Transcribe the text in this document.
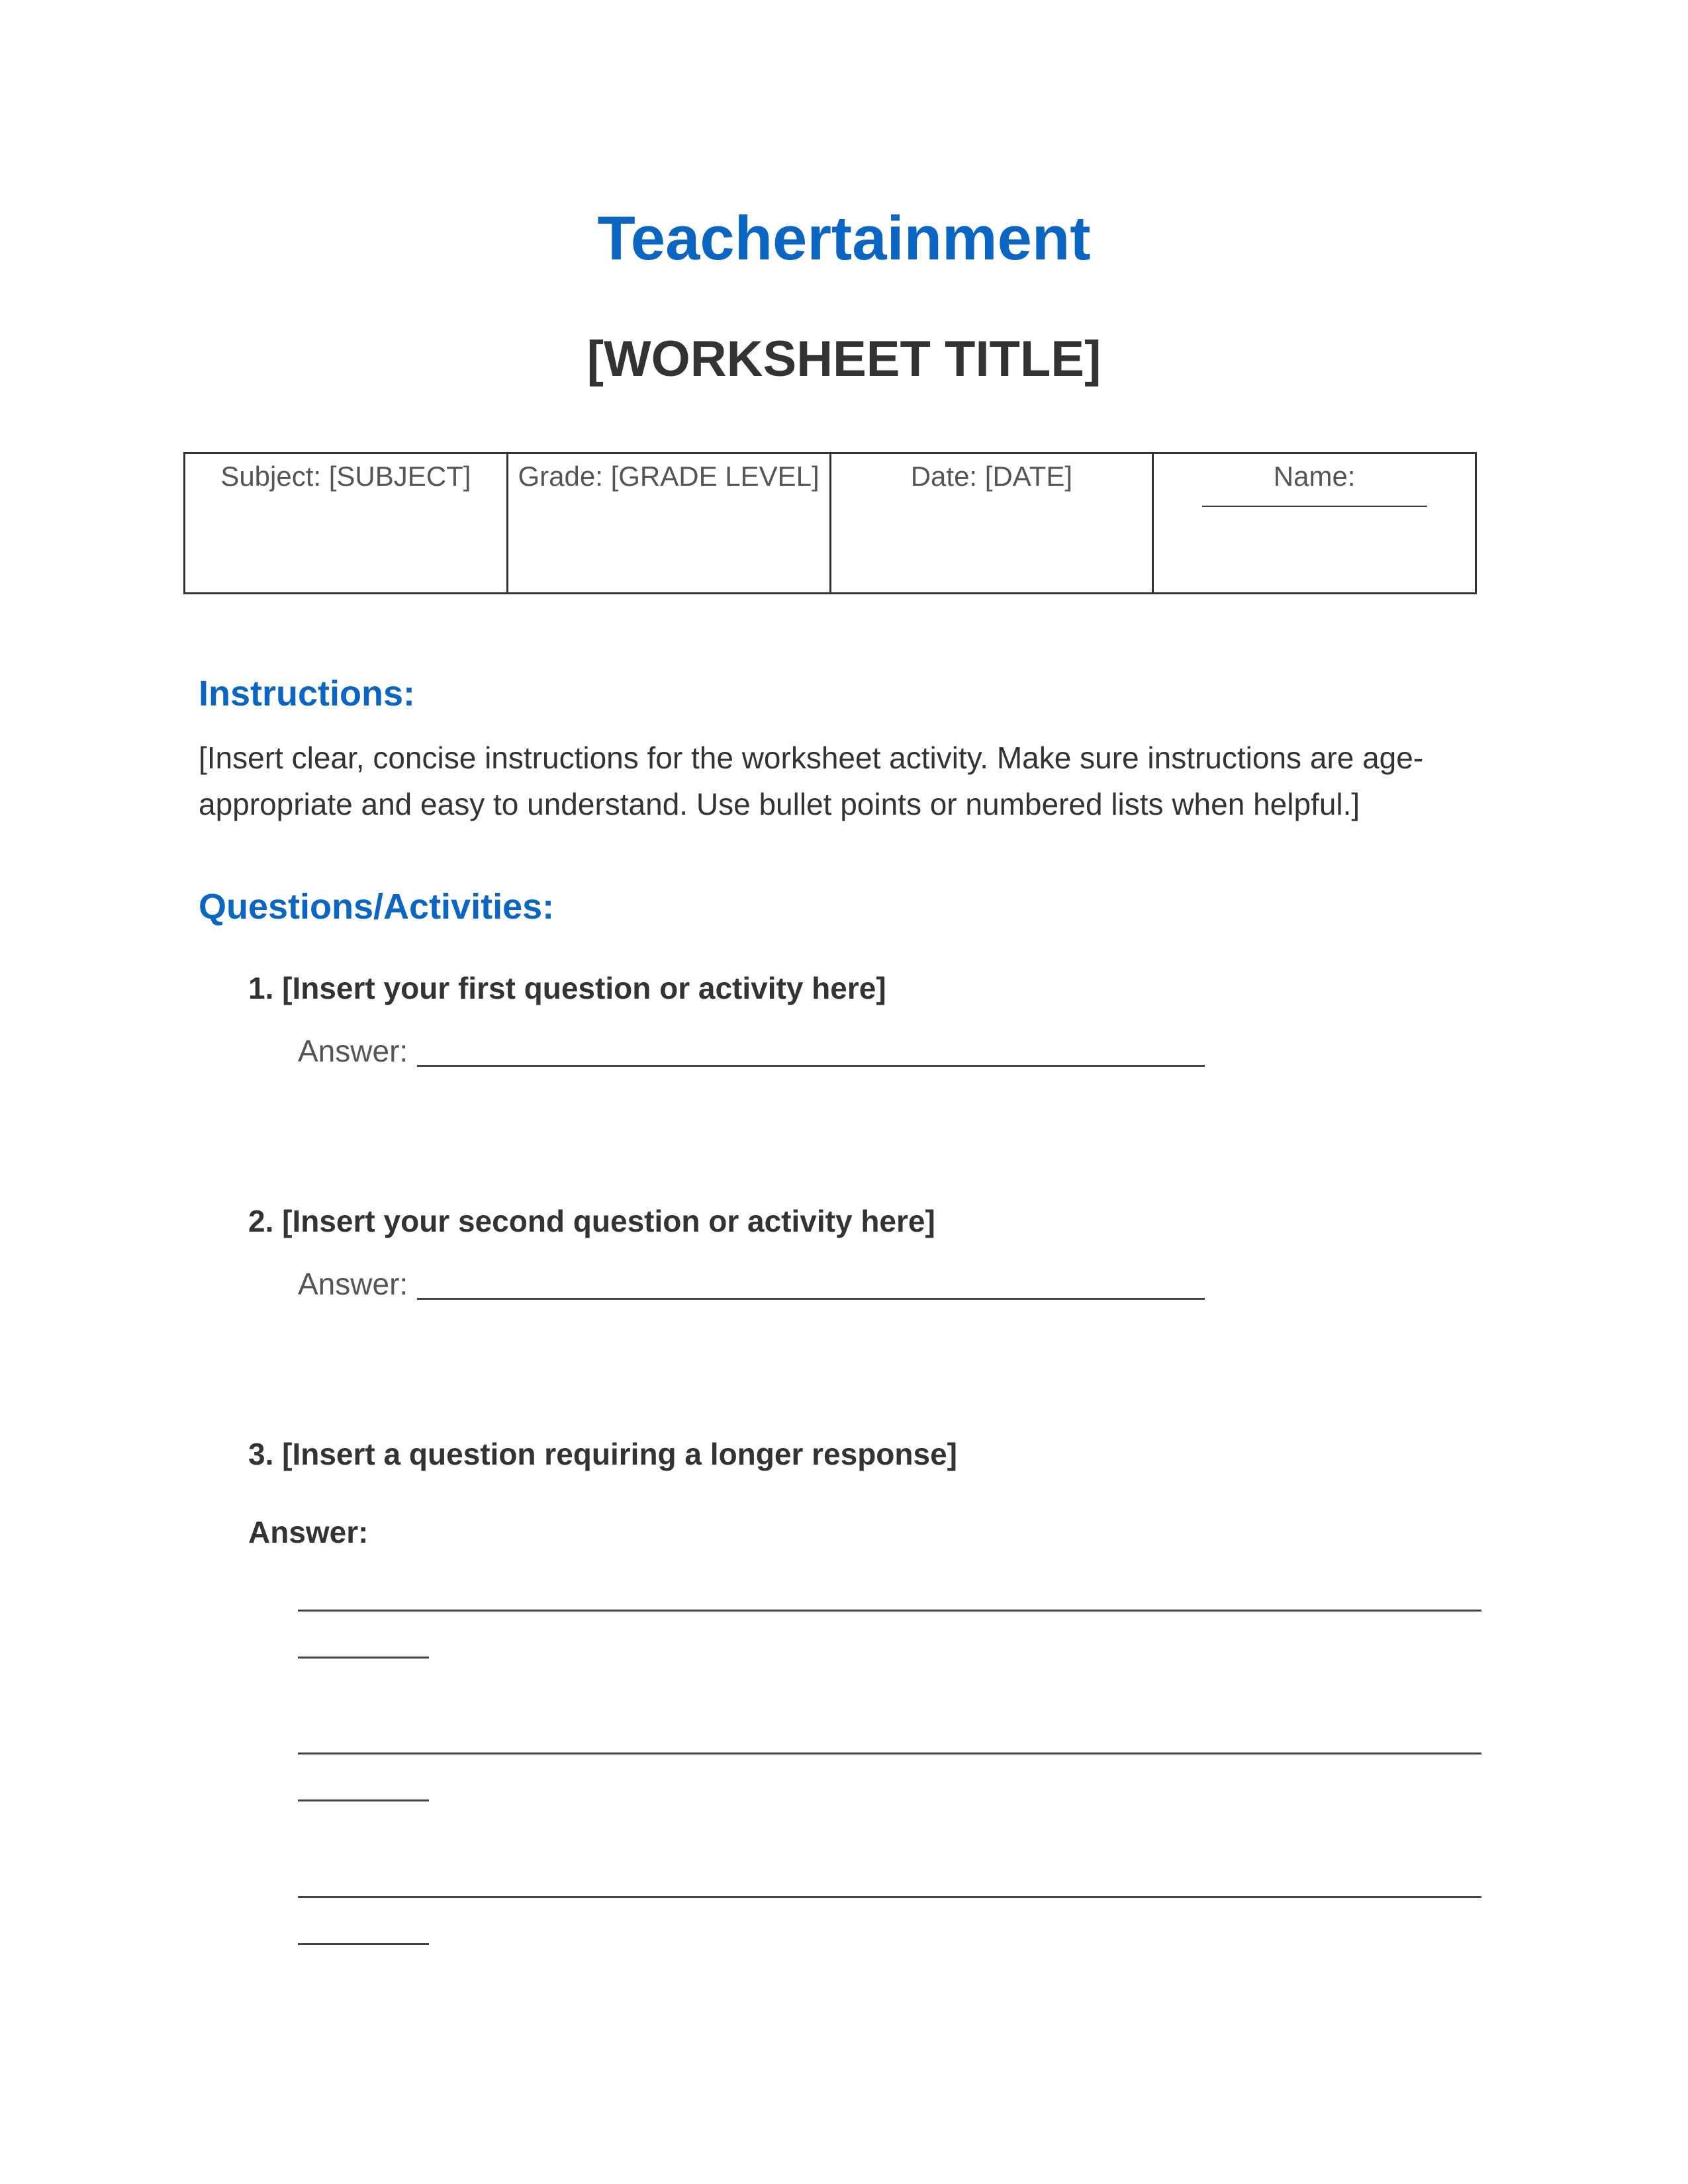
Teachertainment
[WORKSHEET TITLE]
Subject: [SUBJECT]	Grade: [GRADE LEVEL]	Date: [DATE]	Name:
Instructions:
[Insert clear, concise instructions for the worksheet activity. Make sure instructions are age-appropriate and easy to understand. Use bullet points or numbered lists when helpful.]
Questions/Activities:
1. [Insert your first question or activity here]
Answer:
2. [Insert your second question or activity here]
Answer:
3. [Insert a question requiring a longer response]
Answer:
